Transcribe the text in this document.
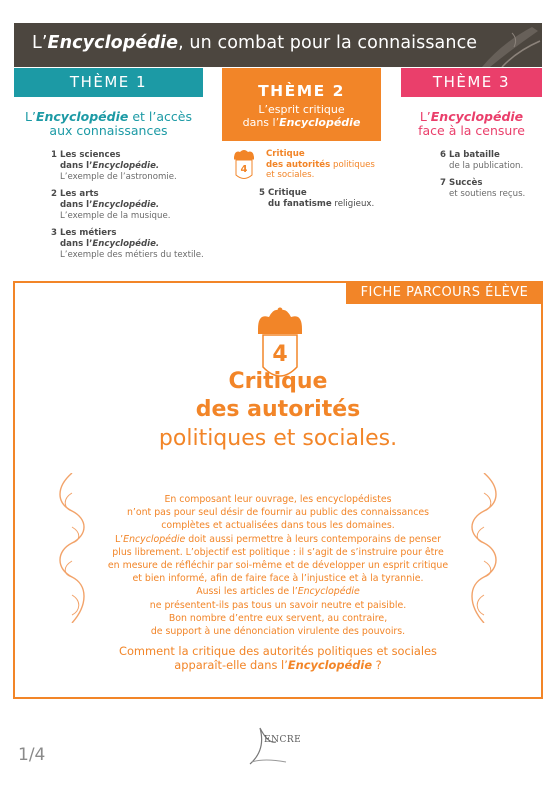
L’Encyclopédie, un combat pour la connaissance
THÈME 1	THÈME 2
L’esprit critique
dans l’Encyclopédie
THÈME 3
L’Encyclopédie et l’accès aux connaissances
L’Encyclopédie
face à la censure
1 Les sciences
dans l’Encyclopédie.
L’exemple de l’astronomie.
2 Les arts
dans l’Encyclopédie.
L’exemple de la musique.
3 Les métiers
dans l’Encyclopédie.
L’exemple des métiers du textile.
4
Critique
des autorités politiques
et sociales.
5 Critique
du fanatisme religieux.
6 La bataille
de la publication.
7 Succès
et soutiens reçus.
FICHE PARCOURS ÉLÈVE
4
Critique
des autorités
politiques et sociales.
En composant leur ouvrage, les encyclopédistes
n’ont pas pour seul désir de fournir au public des connaissances
complètes et actualisées dans tous les domaines.
L’Encyclopédie doit aussi permettre à leurs contemporains de penser
plus librement. L’objectif est politique : il s’agit de s’instruire pour être
en mesure de réfléchir par soi-même et de développer un esprit critique
et bien informé, afin de faire face à l’injustice et à la tyrannie.
Aussi les articles de l’Encyclopédie
ne présentent-ils pas tous un savoir neutre et paisible.
Bon nombre d’entre eux servent, au contraire,
de support à une dénonciation virulente des pouvoirs.
Comment la critique des autorités politiques et sociales
apparaît-elle dans l’Encyclopédie ?
1/4
ENCRE
